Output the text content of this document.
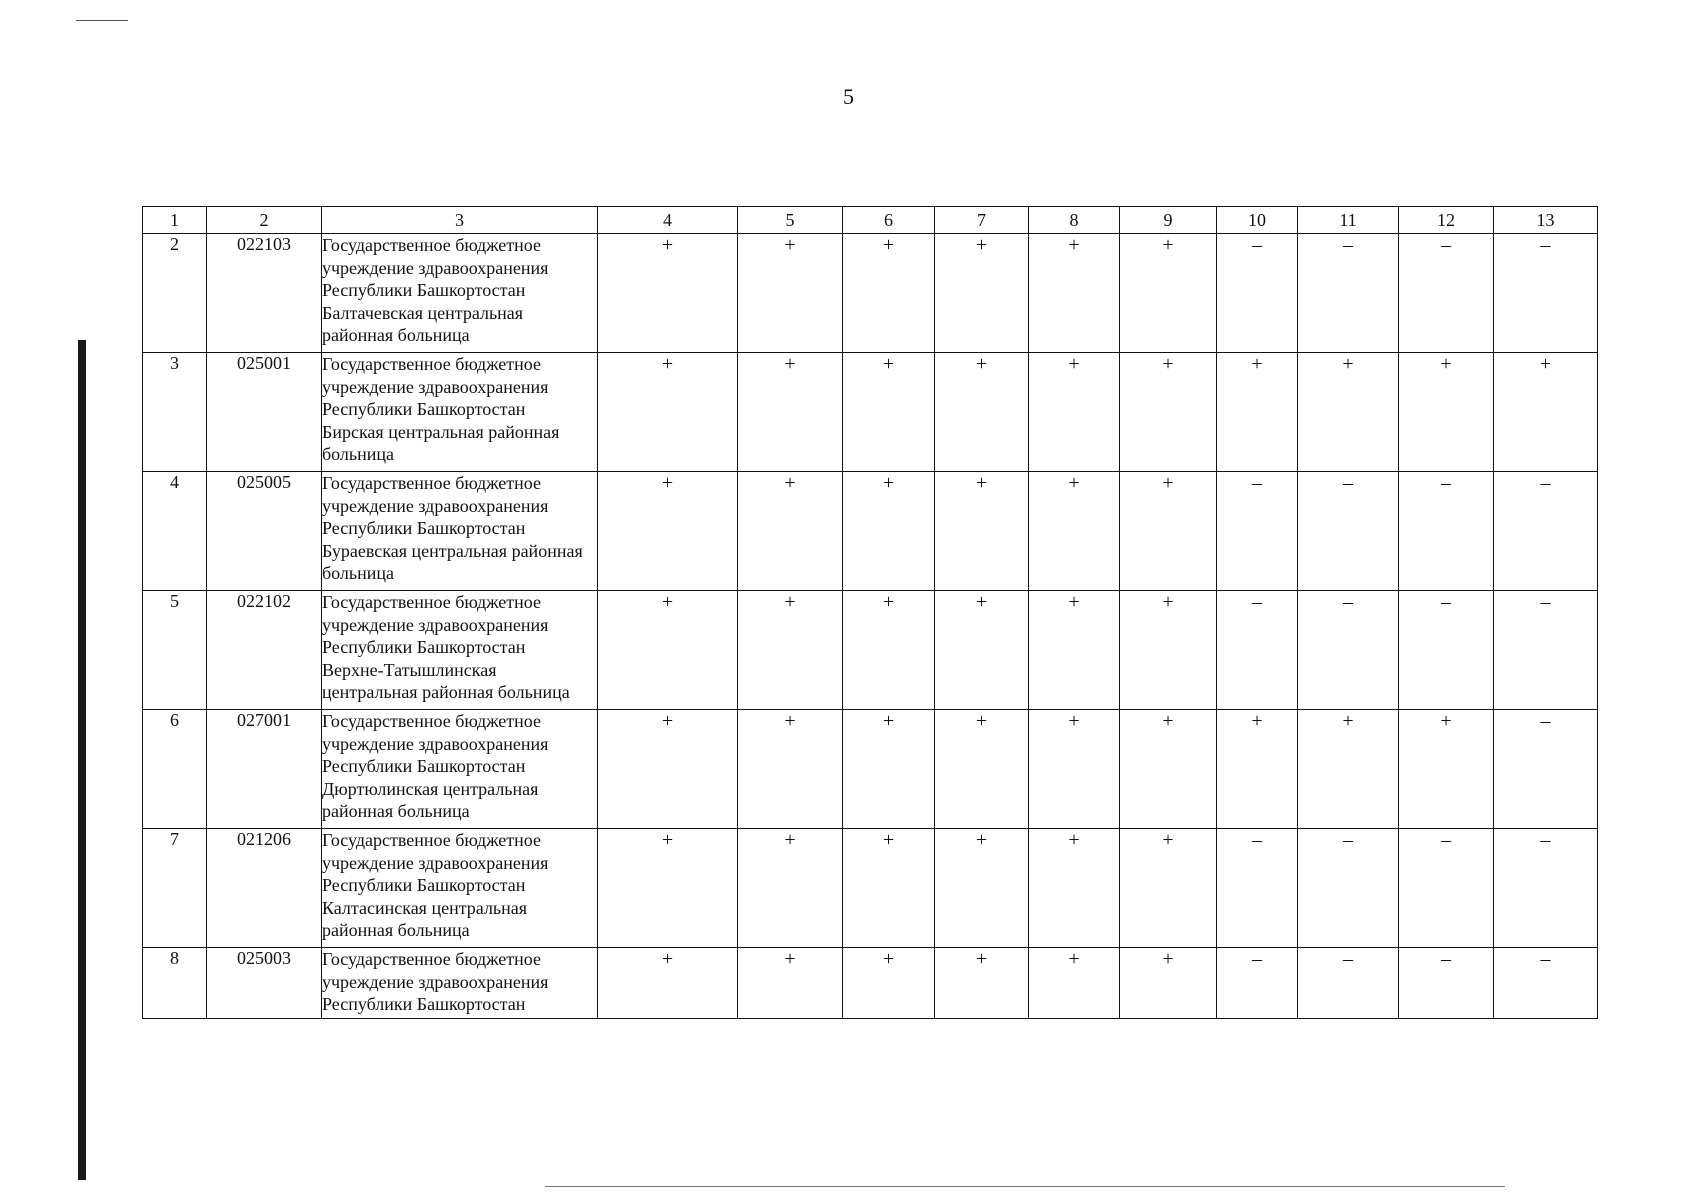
5
1	2	3	4	5	6	7	8	9	10	11	12	13
2	022103	Государственное бюджетное
учреждение здравоохранения
Республики Башкортостан
Балтачевская центральная
районная больница	+	+	+	+	+	+	–	–	–	–
3	025001	Государственное бюджетное
учреждение здравоохранения
Республики Башкортостан
Бирская центральная районная
больница	+	+	+	+	+	+	+	+	+	+
4	025005	Государственное бюджетное
учреждение здравоохранения
Республики Башкортостан
Бураевская центральная районная
больница	+	+	+	+	+	+	–	–	–	–
5	022102	Государственное бюджетное
учреждение здравоохранения
Республики Башкортостан
Верхне-Татышлинская
центральная районная больница	+	+	+	+	+	+	–	–	–	–
6	027001	Государственное бюджетное
учреждение здравоохранения
Республики Башкортостан
Дюртюлинская центральная
районная больница	+	+	+	+	+	+	+	+	+	–
7	021206	Государственное бюджетное
учреждение здравоохранения
Республики Башкортостан
Калтасинская центральная
районная больница	+	+	+	+	+	+	–	–	–	–
8	025003	Государственное бюджетное
учреждение здравоохранения
Республики Башкортостан	+	+	+	+	+	+	–	–	–	–
